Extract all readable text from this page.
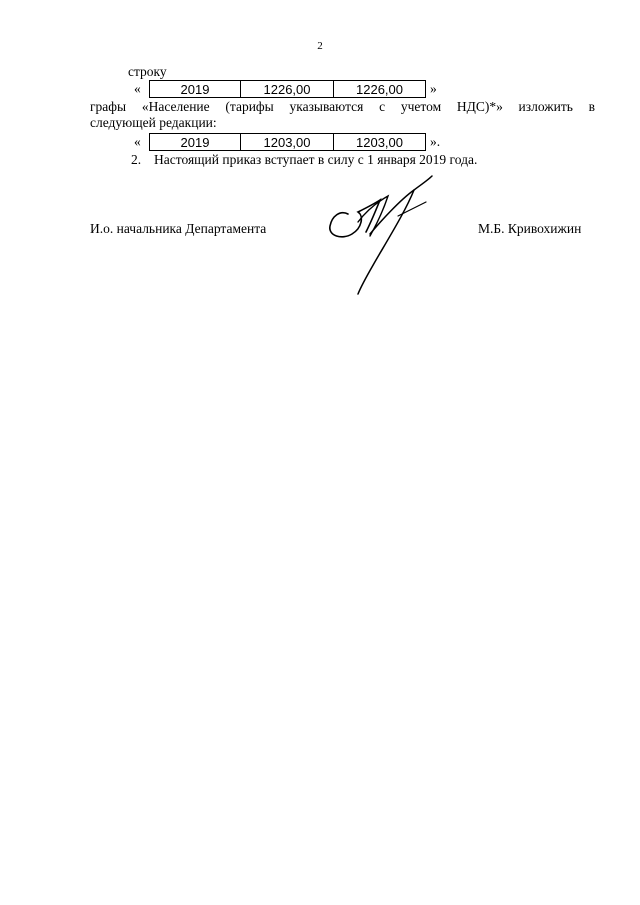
2
строку
«	2019	1226,00	1226,00 »
графы «Население (тарифы указываются с учетом НДС)*» изложить в
следующей редакции:
«	2019	1203,00	1203,00 ».
2. Настоящий приказ вступает в силу с 1 января 2019 года.
И.о. начальника Департамента	М.Б. Кривохижин
